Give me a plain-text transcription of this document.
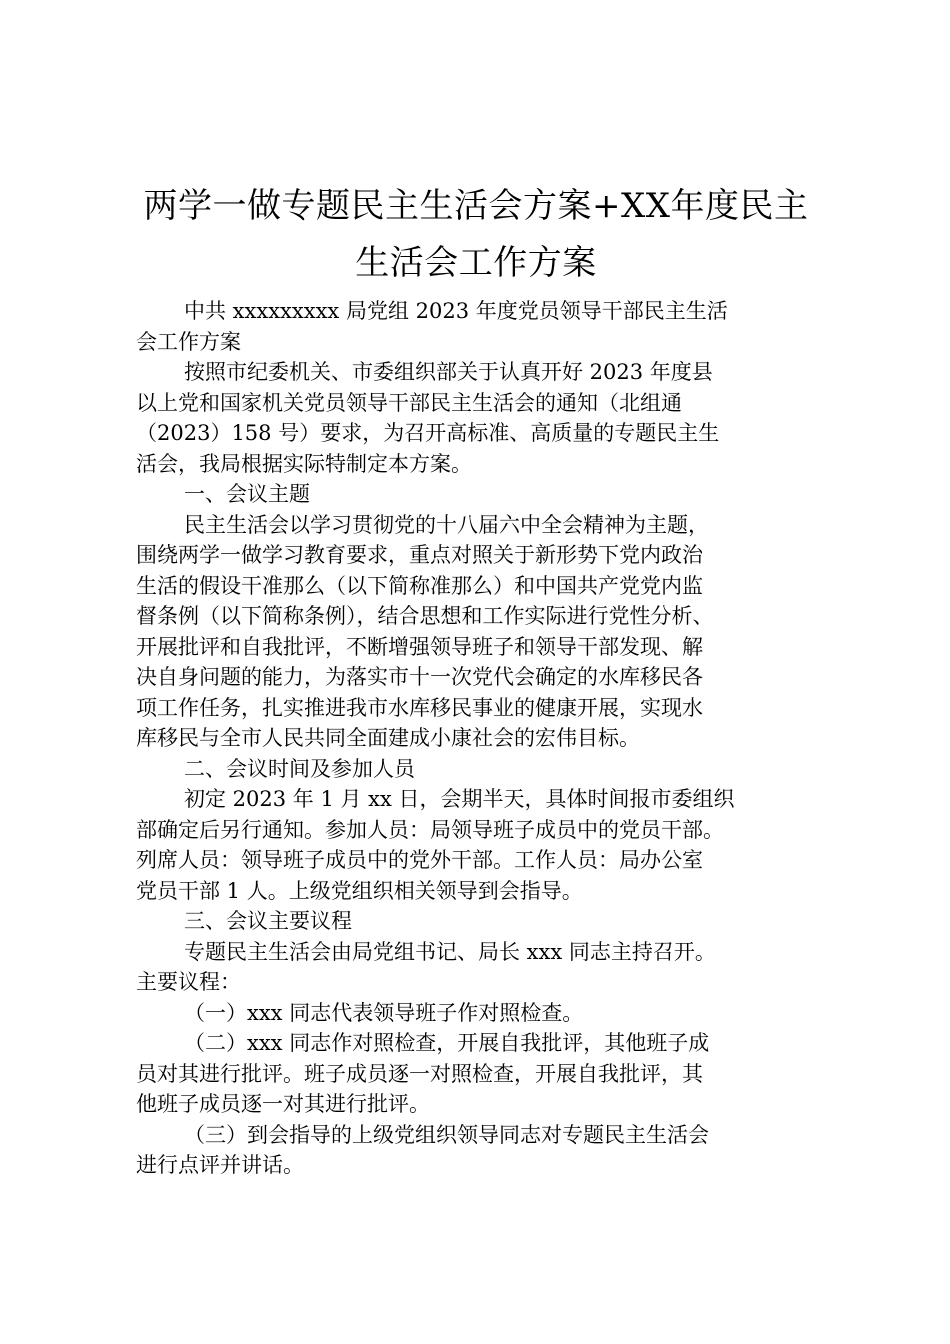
两学一做专题民主生活会方案+XX年度民主
生活会工作方案
中共 xxxxxxxxx 局党组 2023 年度党员领导干部民主生活
会工作方案
按照市纪委机关、市委组织部关于认真开好 2023 年度县
以上党和国家机关党员领导干部民主生活会的通知（北组通
（2023）158 号）要求，为召开高标准、高质量的专题民主生
活会，我局根据实际特制定本方案。
一、会议主题
民主生活会以学习贯彻党的十八届六中全会精神为主题，
围绕两学一做学习教育要求，重点对照关于新形势下党内政治
生活的假设干准那么（以下简称准那么）和中国共产党党内监
督条例（以下简称条例），结合思想和工作实际进行党性分析、
开展批评和自我批评，不断增强领导班子和领导干部发现、解
决自身问题的能力，为落实市十一次党代会确定的水库移民各
项工作任务，扎实推进我市水库移民事业的健康开展，实现水
库移民与全市人民共同全面建成小康社会的宏伟目标。
二、会议时间及参加人员
初定 2023 年 1 月 xx 日，会期半天，具体时间报市委组织
部确定后另行通知。参加人员：局领导班子成员中的党员干部。
列席人员：领导班子成员中的党外干部。工作人员：局办公室
党员干部 1 人。上级党组织相关领导到会指导。
三、会议主要议程
专题民主生活会由局党组书记、局长 xxx 同志主持召开。
主要议程：
（一）xxx 同志代表领导班子作对照检查。
（二）xxx 同志作对照检查，开展自我批评，其他班子成
员对其进行批评。班子成员逐一对照检查，开展自我批评，其
他班子成员逐一对其进行批评。
（三）到会指导的上级党组织领导同志对专题民主生活会
进行点评并讲话。
